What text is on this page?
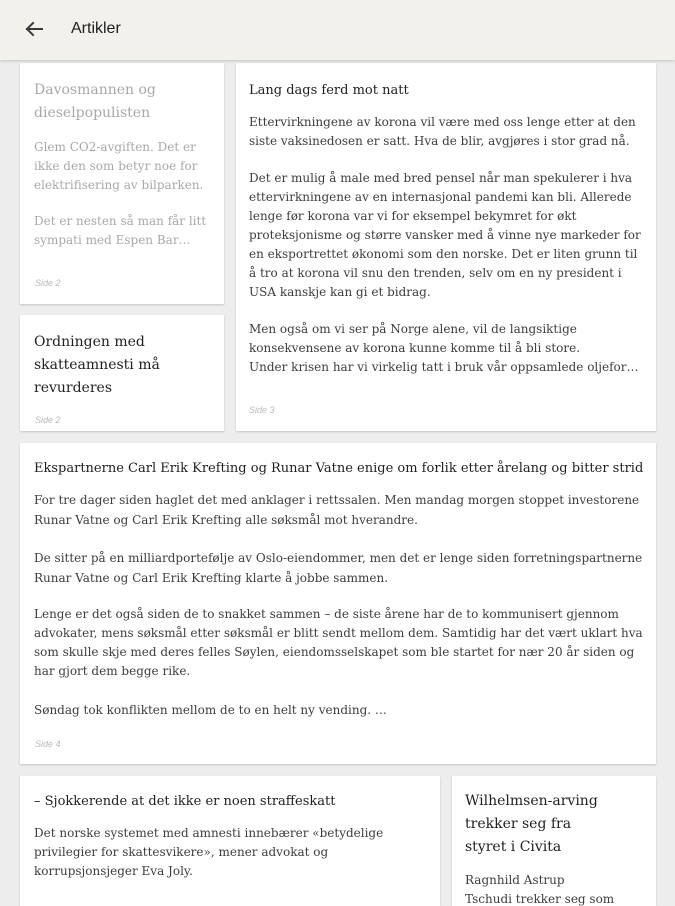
Artikler
Davosmannen og dieselpopulisten

Glem CO2-avgiften. Det er ikke den som betyr noe for elektrifisering av bilparken.

Det er nesten så man får litt sympati med Espen Bar…

Side 2
Ordningen med skatteamnesti må revurderes
Side 2
Lang dags ferd mot natt

Ettervirkningene av korona vil være med oss lenge etter at den siste vaksinedosen er satt. Hva de blir, avgjøres i stor grad nå.

Det er mulig å male med bred pensel når man spekulerer i hva ettervirkningene av en internasjonal pandemi kan bli. Allerede lenge før korona var vi for eksempel bekymret for økt proteksjonisme og større vansker med å vinne nye markeder for en eksportrettet økonomi som den norske. Det er liten grunn til å tro at korona vil snu den trenden, selv om en ny president i USA kanskje kan gi et bidrag.

Men også om vi ser på Norge alene, vil de langsiktige konsekvensene av korona kunne komme til å bli store.

Under krisen har vi virkelig tatt i bruk vår oppsamlede oljefor…

Side 3
Ekspartnerne Carl Erik Krefting og Runar Vatne enige om forlik etter årelang og bitter strid

For tre dager siden haglet det med anklager i rettssalen. Men mandag morgen stoppet investorene Runar Vatne og Carl Erik Krefting alle søksmål mot hverandre.

De sitter på en milliardportefølje av Oslo-eiendommer, men det er lenge siden forretningspartnerne Runar Vatne og Carl Erik Krefting klarte å jobbe sammen.

Lenge er det også siden de to snakket sammen – de siste årene har de to kommunisert gjennom advokater, mens søksmål etter søksmål er blitt sendt mellom dem. Samtidig har det vært uklart hva som skulle skje med deres felles Søylen, eiendomsselskapet som ble startet for nær 20 år siden og har gjort dem begge rike.

Søndag tok konflikten mellom de to en helt ny vending. …

Side 4
– Sjokkerende at det ikke er noen straffeskatt

Det norske systemet med amnesti innebærer «betydelige privilegier for skattesvikere», mener advokat og korrupsjonsjeger Eva Joly.

Wilhelmsen-arving trekker seg fra styret i Civita

Ragnhild Astrup Tschudi trekker seg som
